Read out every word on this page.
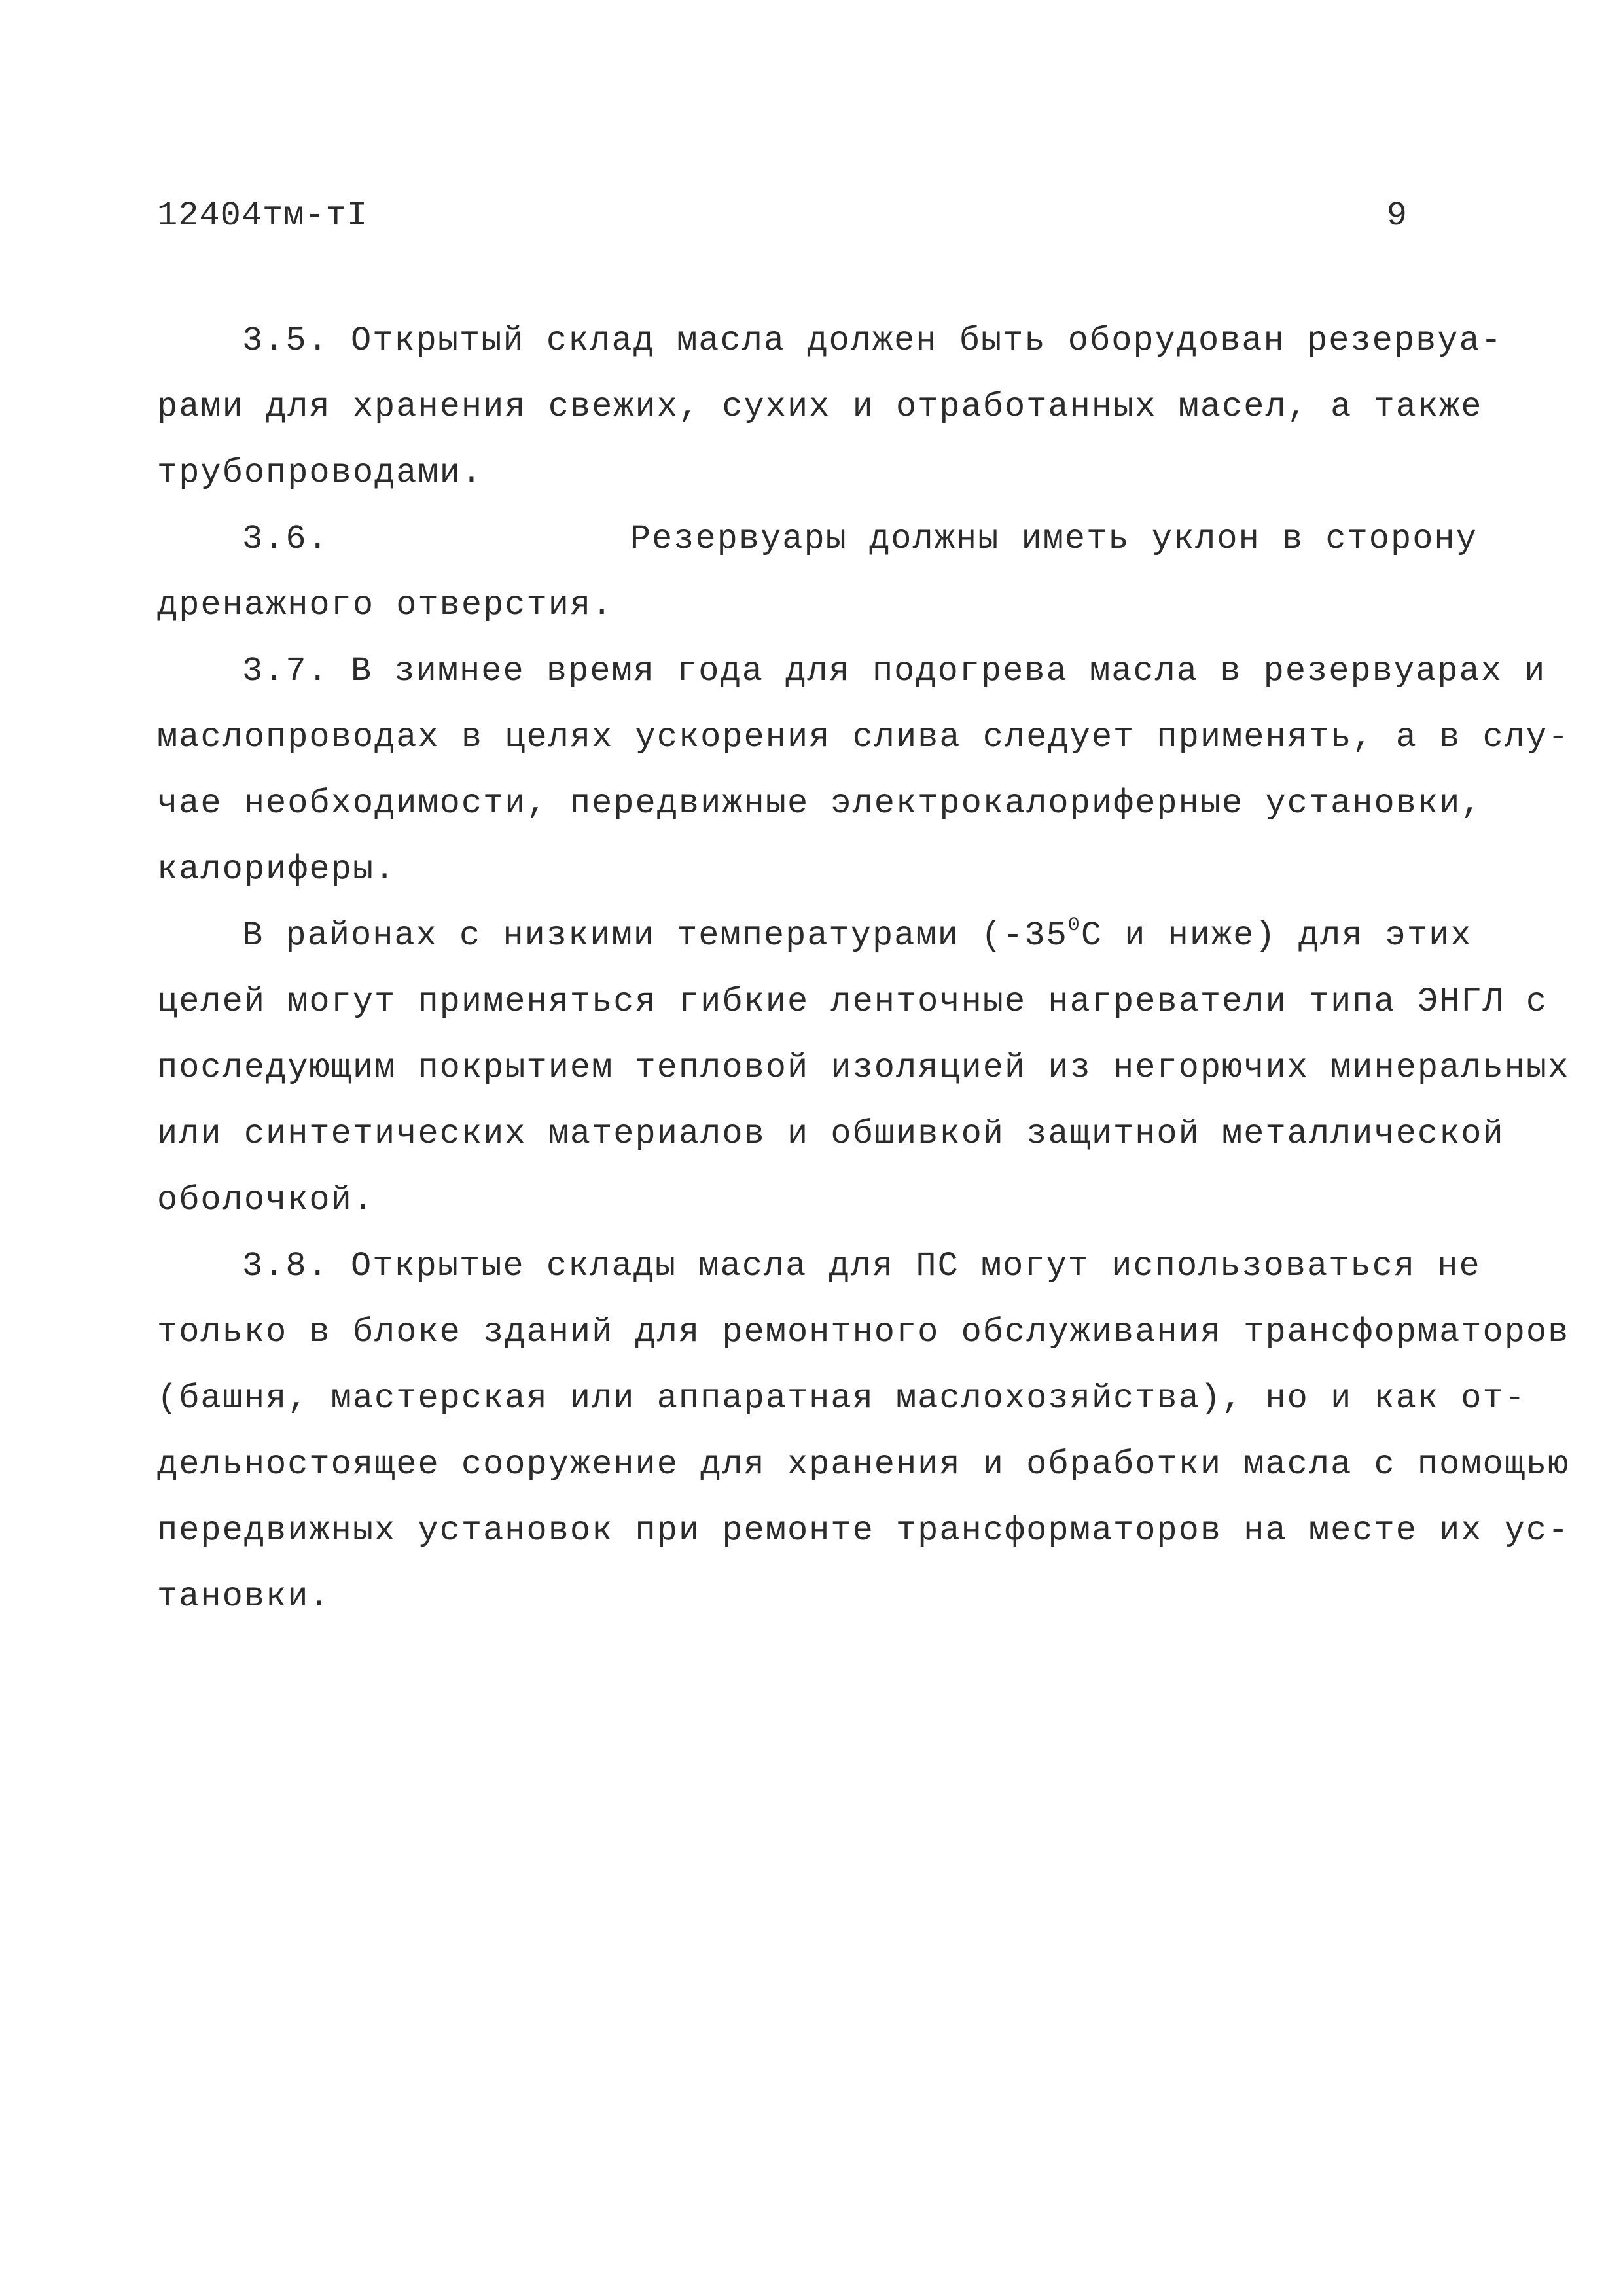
12404тм-тI	9
3.5. Открытый склад масла должен быть оборудован резервуа-
рами для хранения свежих, сухих и отработанных масел, а также
трубопроводами.
3.6.	Резервуары должны иметь уклон в сторону
дренажного отверстия.
3.7. В зимнее время года для подогрева масла в резервуарах и
маслопроводах в целях ускорения слива следует применять, а в слу-
чае необходимости, передвижные электрокалориферные установки,
калориферы.
В районах с низкими температурами ($-35^0С$ и ниже) для этих
целей могут применяться гибкие ленточные нагреватели типа ЭНГЛ с
последующим покрытием тепловой изоляцией из негорючих минеральных
или синтетических материалов и обшивкой защитной металлической
оболочкой.
3.8. Открытые склады масла для ПС могут использоваться не
только в блоке зданий для ремонтного обслуживания трансформаторов
(башня, мастерская или аппаратная маслохозяйства), но и как от-
дельностоящее сооружение для хранения и обработки масла с помощью
передвижных установок при ремонте трансформаторов на месте их ус-
тановки.
